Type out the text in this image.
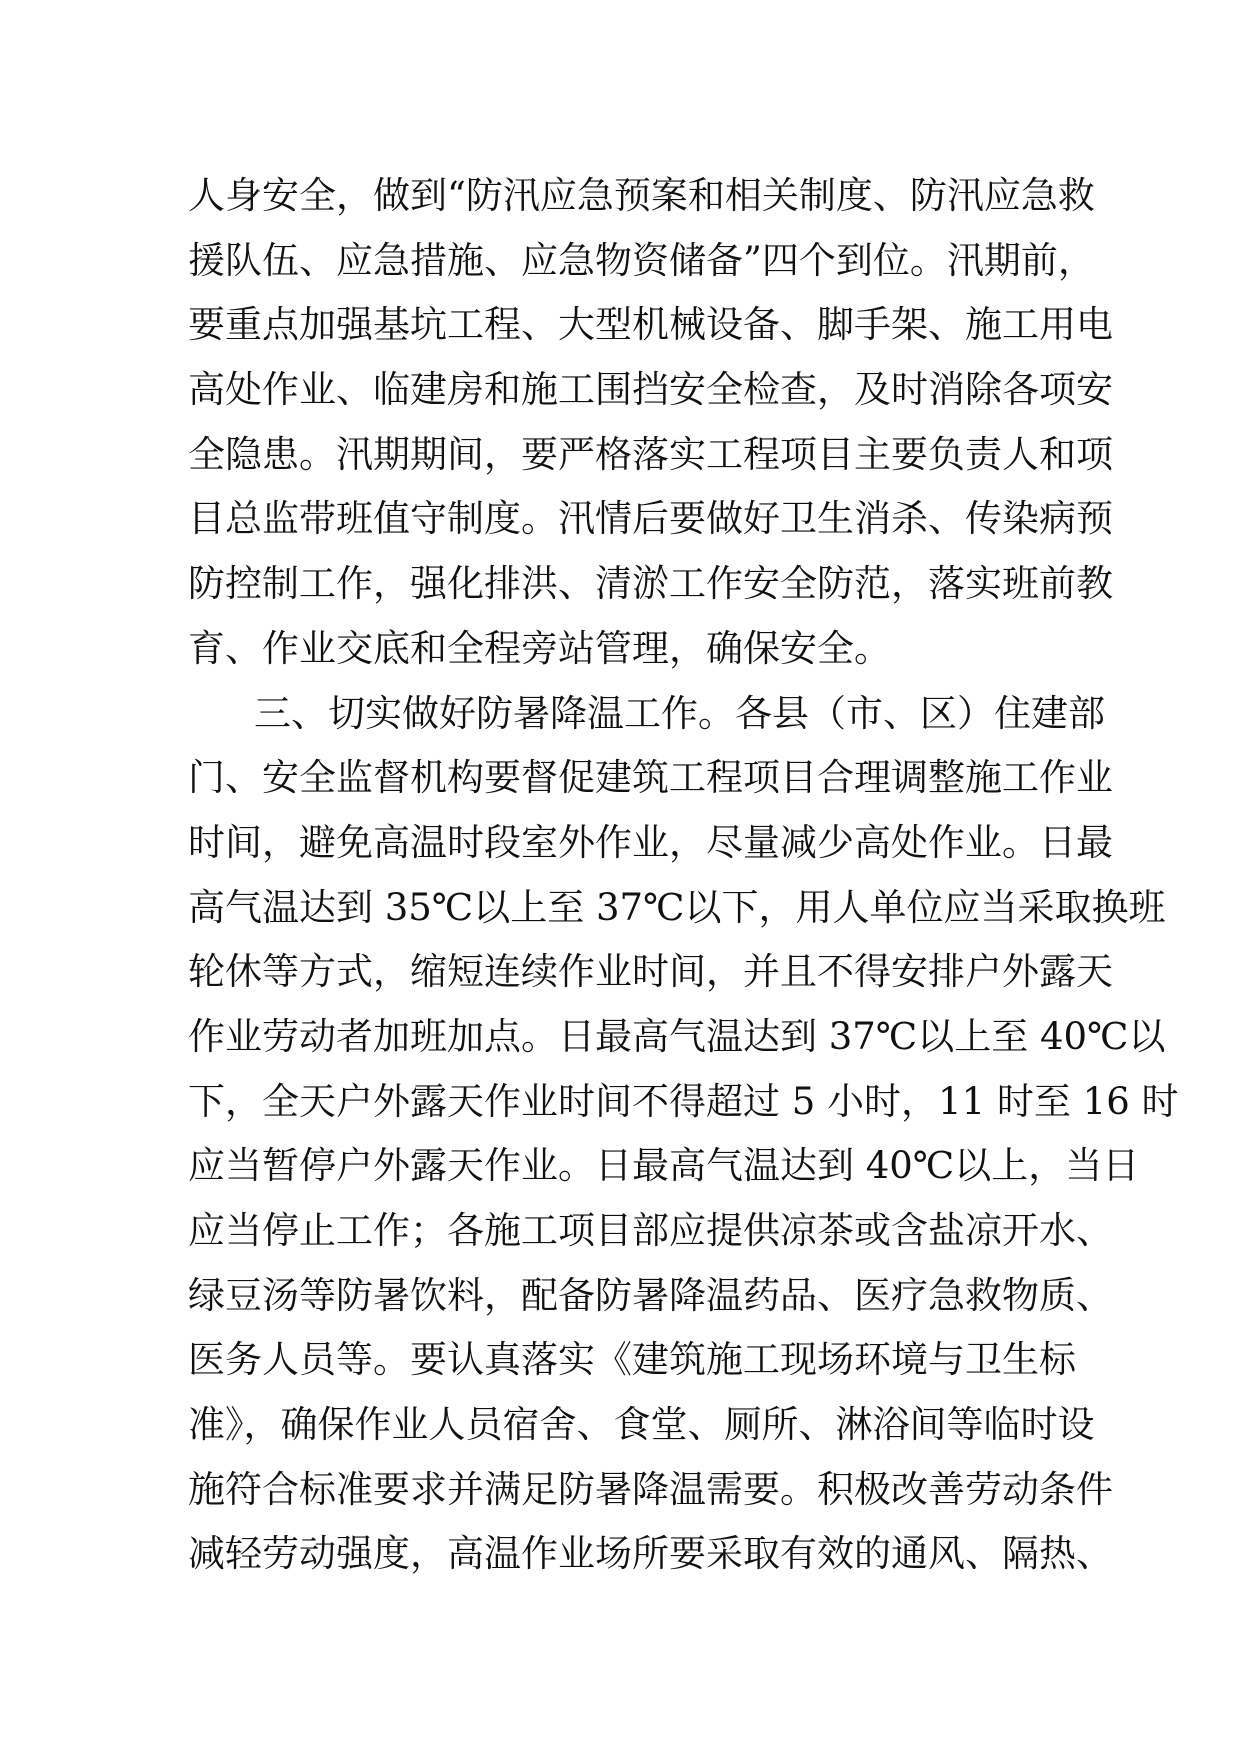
人身安全，做到“防汛应急预案和相关制度、防汛应急救
援队伍、应急措施、应急物资储备”四个到位。汛期前，
要重点加强基坑工程、大型机械设备、脚手架、施工用电
高处作业、临建房和施工围挡安全检查，及时消除各项安
全隐患。汛期期间，要严格落实工程项目主要负责人和项
目总监带班值守制度。汛情后要做好卫生消杀、传染病预
防控制工作，强化排洪、清淤工作安全防范，落实班前教
育、作业交底和全程旁站管理，确保安全。
三、切实做好防暑降温工作。各县（市、区）住建部
门、安全监督机构要督促建筑工程项目合理调整施工作业
时间，避免高温时段室外作业，尽量减少高处作业。日最
高气温达到 35℃以上至 37℃以下，用人单位应当采取换班
轮休等方式，缩短连续作业时间，并且不得安排户外露天
作业劳动者加班加点。日最高气温达到 37℃以上至 40℃以
下，全天户外露天作业时间不得超过 5 小时，11 时至 16 时
应当暂停户外露天作业。日最高气温达到 40℃以上，当日
应当停止工作；各施工项目部应提供凉茶或含盐凉开水、
绿豆汤等防暑饮料，配备防暑降温药品、医疗急救物质、
医务人员等。要认真落实《建筑施工现场环境与卫生标
准》，确保作业人员宿舍、食堂、厕所、淋浴间等临时设
施符合标准要求并满足防暑降温需要。积极改善劳动条件
减轻劳动强度，高温作业场所要采取有效的通风、隔热、
